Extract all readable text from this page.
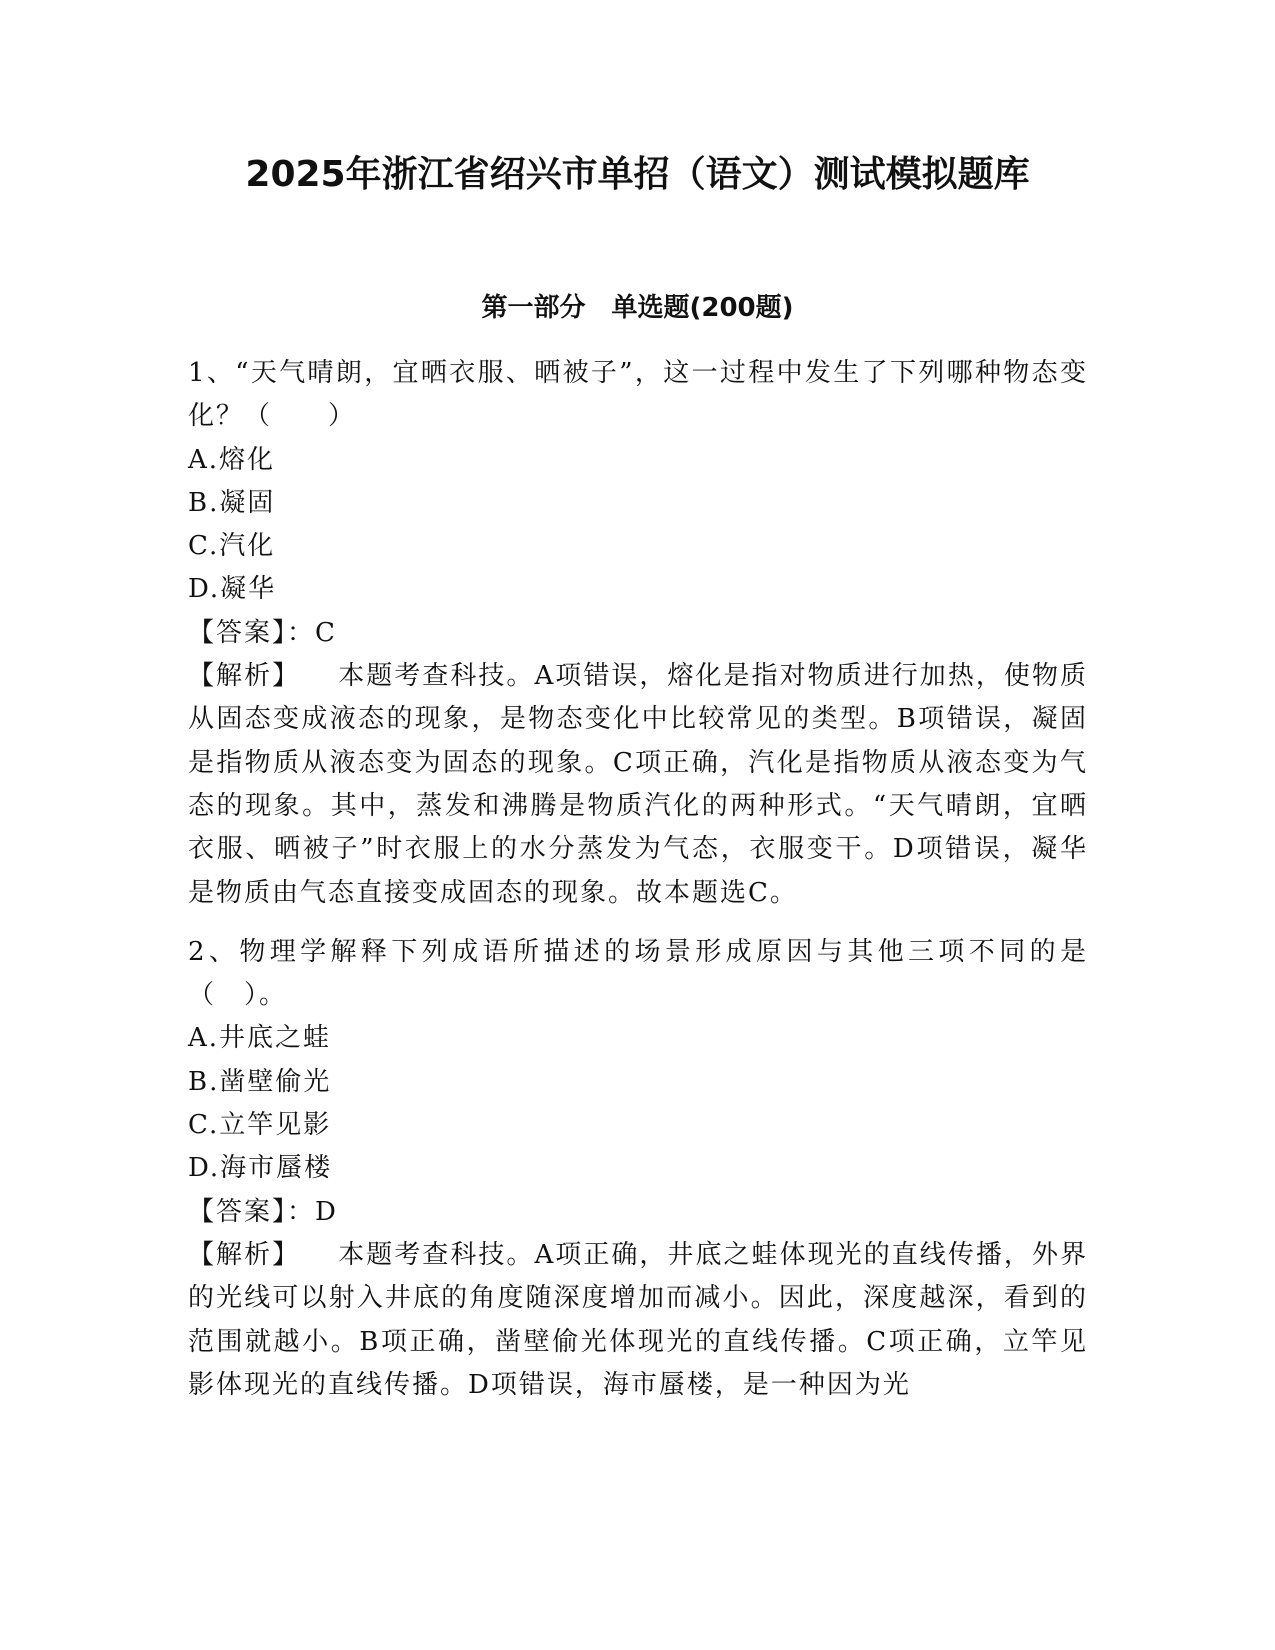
2025年浙江省绍兴市单招（语文）测试模拟题库
第一部分　单选题(200题)

1、“天气晴朗，宜晒衣服、晒被子”，这一过程中发生了下列哪种物态变化？（　　）

A.熔化

B.凝固

C.汽化

D.凝华

【答案】：C

【解析】 本题考查科技。A项错误，熔化是指对物质进行加热，使物质从固态变成液态的现象，是物态变化中比较常见的类型。B项错误，凝固是指物质从液态变为固态的现象。C项正确，汽化是指物质从液态变为气态的现象。其中，蒸发和沸腾是物质汽化的两种形式。“天气晴朗，宜晒衣服、晒被子”时衣服上的水分蒸发为气态，衣服变干。D项错误，凝华是物质由气态直接变成固态的现象。故本题选C。

2、物理学解释下列成语所描述的场景形成原因与其他三项不同的是（　）。

A.井底之蛙

B.凿壁偷光

C.立竿见影

D.海市蜃楼

【答案】：D

【解析】 本题考查科技。A项正确，井底之蛙体现光的直线传播，外界的光线可以射入井底的角度随深度增加而减小。因此，深度越深，看到的范围就越小。B项正确，凿壁偷光体现光的直线传播。C项正确，立竿见影体现光的直线传播。D项错误，海市蜃楼，是一种因为光
